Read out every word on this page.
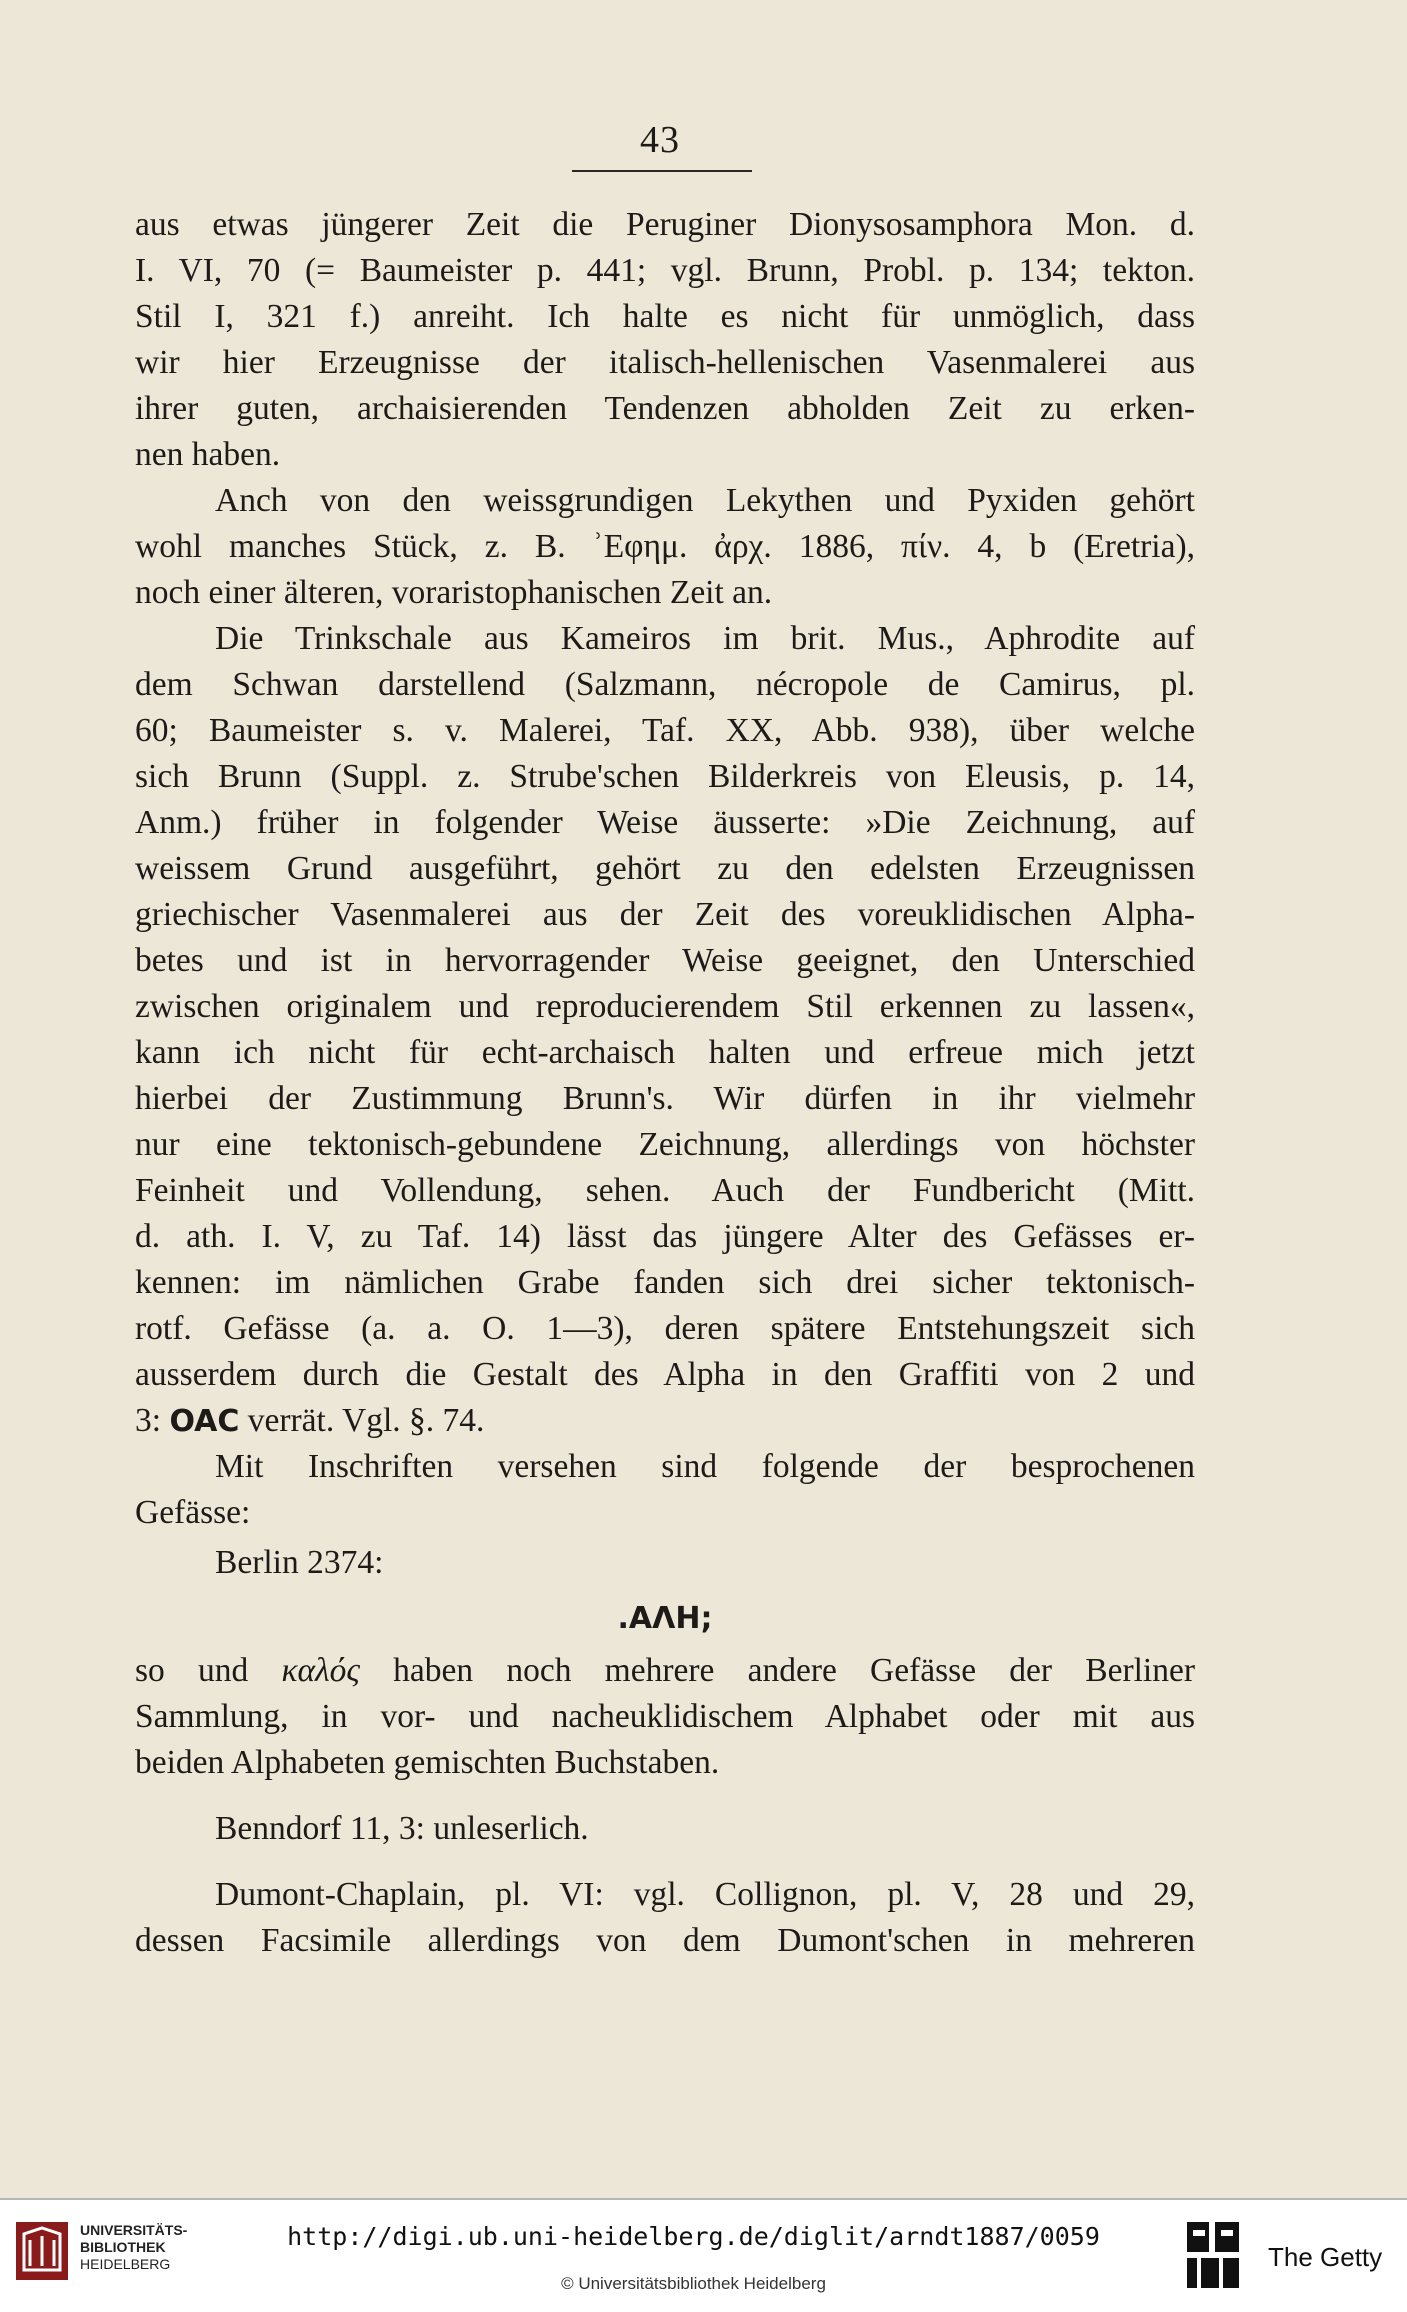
43
aus etwas jüngerer Zeit die Peruginer Dionysosamphora Mon. d.
I. VI, 70 (= Baumeister p. 441; vgl. Brunn, Probl. p. 134; tekton.
Stil I, 321 f.) anreiht. Ich halte es nicht für unmöglich, dass
wir hier Erzeugnisse der italisch-hellenischen Vasenmalerei aus
ihrer guten, archaisierenden Tendenzen abholden Zeit zu erken-
nen haben.
Anch von den weissgrundigen Lekythen und Pyxiden gehört
wohl manches Stück, z. B. ʾΕφημ. ἀρχ. 1886, πίν. 4, b (Eretria),
noch einer älteren, voraristophanischen Zeit an.
Die Trinkschale aus Kameiros im brit. Mus., Aphrodite auf
dem Schwan darstellend (Salzmann, nécropole de Camirus, pl.
60; Baumeister s. v. Malerei, Taf. XX, Abb. 938), über welche
sich Brunn (Suppl. z. Strube'schen Bilderkreis von Eleusis, p. 14,
Anm.) früher in folgender Weise äusserte: »Die Zeichnung, auf
weissem Grund ausgeführt, gehört zu den edelsten Erzeugnissen
griechischer Vasenmalerei aus der Zeit des voreuklidischen Alpha-
betes und ist in hervorragender Weise geeignet, den Unterschied
zwischen originalem und reproducierendem Stil erkennen zu lassen«,
kann ich nicht für echt-archaisch halten und erfreue mich jetzt
hierbei der Zustimmung Brunn's. Wir dürfen in ihr vielmehr
nur eine tektonisch-gebundene Zeichnung, allerdings von höchster
Feinheit und Vollendung, sehen. Auch der Fundbericht (Mitt.
d. ath. I. V, zu Taf. 14) lässt das jüngere Alter des Gefässes er-
kennen: im nämlichen Grabe fanden sich drei sicher tektonisch-
rotf. Gefässe (a. a. O. 1—3), deren spätere Entstehungszeit sich
ausserdem durch die Gestalt des Alpha in den Graffiti von 2 und
3: OAC verrät. Vgl. §. 74.
Mit Inschriften versehen sind folgende der besprochenen
Gefässe:
Berlin 2374:
.ΑΛΗ;
so und καλός haben noch mehrere andere Gefässe der Berliner
Sammlung, in vor- und nacheuklidischem Alphabet oder mit aus
beiden Alphabeten gemischten Buchstaben.
Benndorf 11, 3: unleserlich.
Dumont-Chaplain, pl. VI: vgl. Collignon, pl. V, 28 und 29,
dessen Facsimile allerdings von dem Dumont'schen in mehreren
UNIVERSITÄTS-
BIBLIOTHEK
HEIDELBERG
http://digi.ub.uni-heidelberg.de/diglit/arndt1887/0059
© Universitätsbibliothek Heidelberg
The Getty
